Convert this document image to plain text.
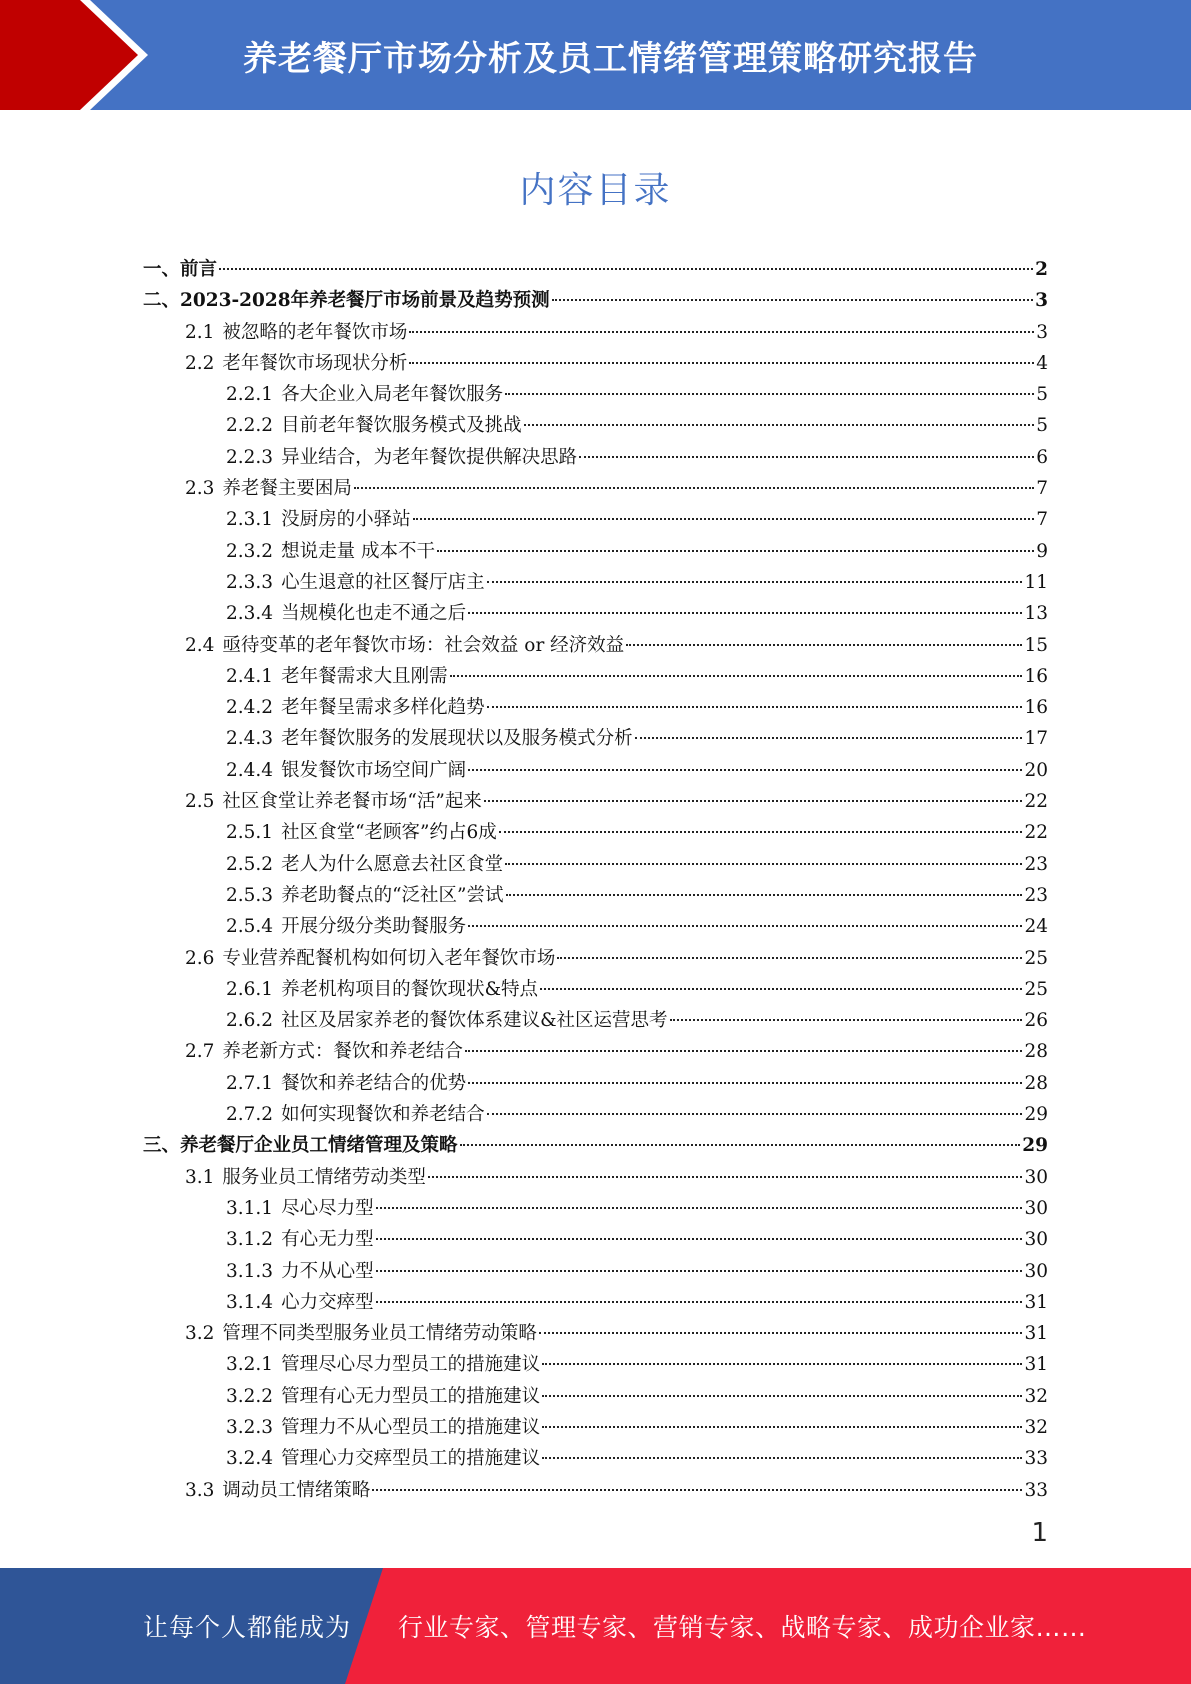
养老餐厅市场分析及员工情绪管理策略研究报告
内容目录
一、 前言	2
二、 2023-2028年养老餐厅市场前景及趋势预测	3
2.1 被忽略的老年餐饮市场	3
2.2 老年餐饮市场现状分析	4
2.2.1 各大企业入局老年餐饮服务	5
2.2.2 目前老年餐饮服务模式及挑战	5
2.2.3 异业结合，为老年餐饮提供解决思路	6
2.3 养老餐主要困局	7
2.3.1 没厨房的小驿站	7
2.3.2 想说走量 成本不干	9
2.3.3 心生退意的社区餐厅店主	11
2.3.4 当规模化也走不通之后	13
2.4 亟待变革的老年餐饮市场：社会效益 or 经济效益	15
2.4.1 老年餐需求大且刚需	16
2.4.2 老年餐呈需求多样化趋势	16
2.4.3 老年餐饮服务的发展现状以及服务模式分析	17
2.4.4 银发餐饮市场空间广阔	20
2.5 社区食堂让养老餐市场“活”起来	22
2.5.1 社区食堂“老顾客”约占6成	22
2.5.2 老人为什么愿意去社区食堂	23
2.5.3 养老助餐点的“泛社区”尝试	23
2.5.4 开展分级分类助餐服务	24
2.6 专业营养配餐机构如何切入老年餐饮市场	25
2.6.1 养老机构项目的餐饮现状&特点	25
2.6.2 社区及居家养老的餐饮体系建议&社区运营思考	26
2.7 养老新方式：餐饮和养老结合	28
2.7.1 餐饮和养老结合的优势	28
2.7.2 如何实现餐饮和养老结合	29
三、 养老餐厅企业员工情绪管理及策略	29
3.1 服务业员工情绪劳动类型	30
3.1.1 尽心尽力型	30
3.1.2 有心无力型	30
3.1.3 力不从心型	30
3.1.4 心力交瘁型	31
3.2 管理不同类型服务业员工情绪劳动策略	31
3.2.1 管理尽心尽力型员工的措施建议	31
3.2.2 管理有心无力型员工的措施建议	32
3.2.3 管理力不从心型员工的措施建议	32
3.2.4 管理心力交瘁型员工的措施建议	33
3.3 调动员工情绪策略	33
1
让每个人都能成为 行业专家、管理专家、营销专家、战略专家、成功企业家……
